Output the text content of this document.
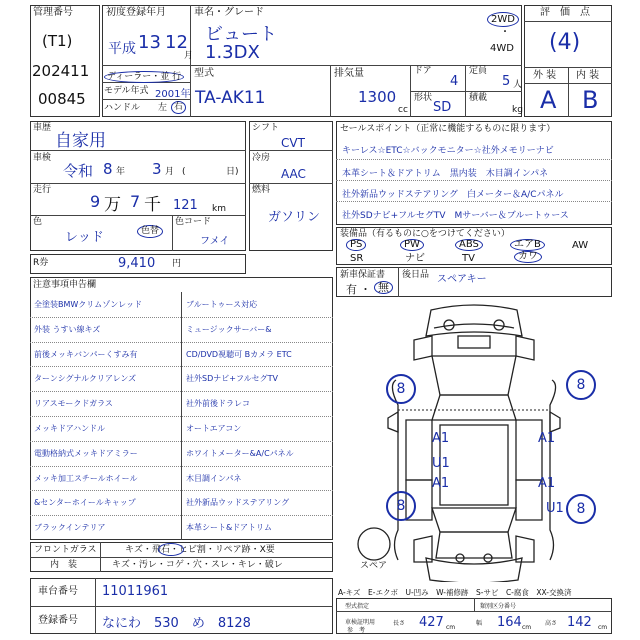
管理番号
(T1)
202411
00845
初度登録年月
平成 13 12
月
車名・グレード
ビュート
1.3DX
2WD
・
4WD
ディーラー・並 行
モデル年式 2001年
ハンドル 左 右
型式
TA-AK11
排気量
1300
cc
ドア
4
定員
5 人
形状
SD
積載
kg
評　価　点
(4)
外 装 内 装
A B
車歴
自家用
車検
令和 8 年 3 月 (	日)
走行
9 万 7 千 121 km
色
レッド	色替
色コード
フメイ
R券	9,410 円
シフト
CVT
冷房
AAC
燃料
ガソリン
セールスポイント（正常に機能するものに限ります）
キーレス☆ETC☆バックモニター☆社外メモリーナビ
本革シート＆ドアトリム　黒内装　木目調インパネ
社外新品ウッドステアリング　白メーター＆A/Cパネル
社外SDナビ+フルセグTV　Mサーバー＆ブルートゥース
装備品（有るものに○をつけてください）
PS	PW	ABS	エアB	AW
SR	ナビ	TV	カワ
新車保証書
有 ・ 無
後日品 スペアキー
注意事項申告欄
全塗装BMWクリムゾンレッド	ブルートゥース対応
外装 うすい線キズ	ミュージックサーバー&
前後メッキバンパーくすみ有	CD/DVD視聴可 Bカメラ ETC
ターンシグナルクリアレンズ	社外SDナビ+フルセグTV
リアスモークドガラス	社外前後ドラレコ
メッキドアハンドル	オートエアコン
電動格納式メッキドアミラー	ホワイトメーター&A/Cパネル
メッキ加工スチールホイール	木目調インパネ
&センターホイールキャップ	社外新品ウッドステアリング
ブラックインテリア	本革シート&ドアトリム
フロントガラス	キズ・飛石・ヒビ割・リペア跡・X要
内　装	キズ・汚レ・コゲ・穴・スレ・キレ・破レ
車台番号 11011961
登録番号 なにわ　530　め　8128
8	8
8	8
A1	A1
U1
A1	A1
U1
スペア
A-キズ　E-エクボ　U-凹み　W-補修跡　S-サビ　C-腐食　XX-交換済
型式指定	類別区分番号
車検証明用
参　考
長さ 427 cm
幅 164 cm
高さ 142 cm
